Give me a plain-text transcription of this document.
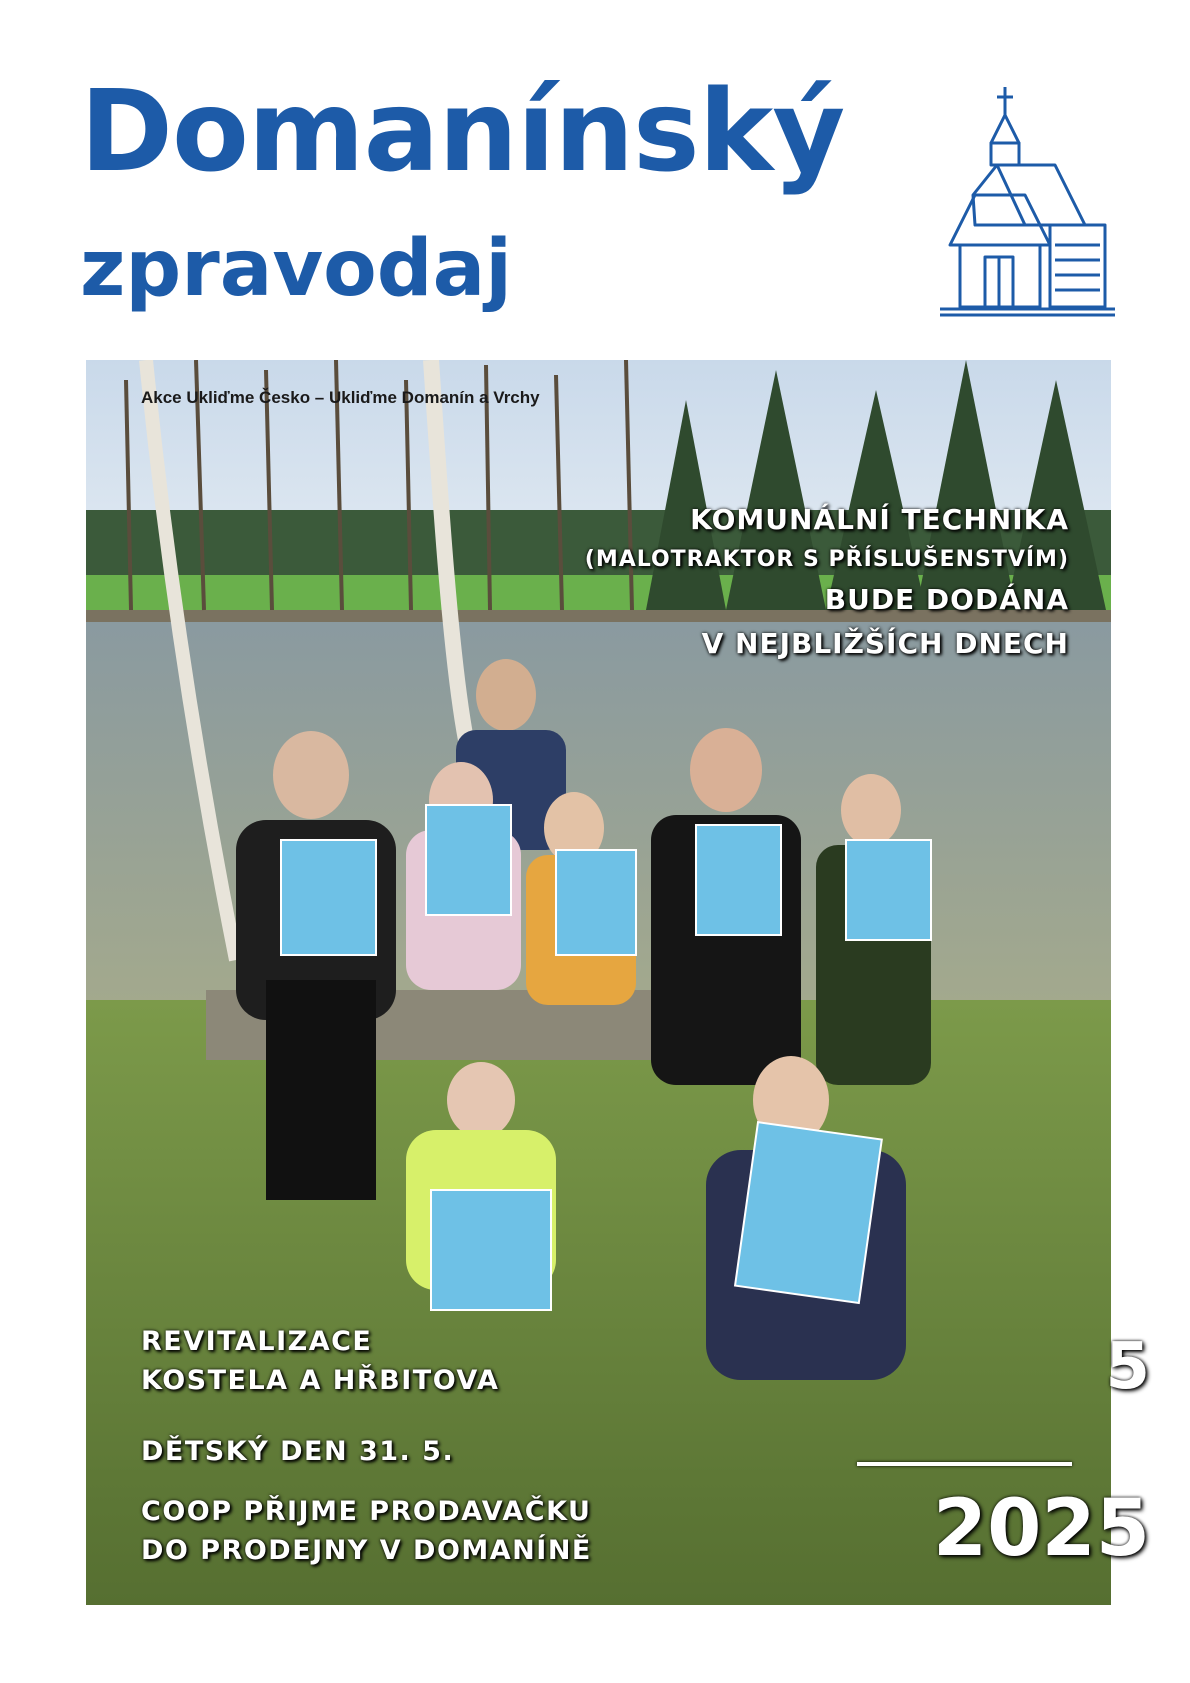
Domanínský
zpravodaj
Akce Ukliďme Česko – Ukliďme Domanín a Vrchy
KOMUNÁLNÍ TECHNIKA
(MALOTRAKTOR S PŘÍSLUŠENSTVÍM)
BUDE DODÁNA
V NEJBLIŽŠÍCH DNECH
REVITALIZACE
KOSTELA A HŘBITOVA
DĚTSKÝ DEN 31. 5.
COOP PŘIJME PRODAVAČKU
DO PRODEJNY V DOMANÍNĚ
5
2025
